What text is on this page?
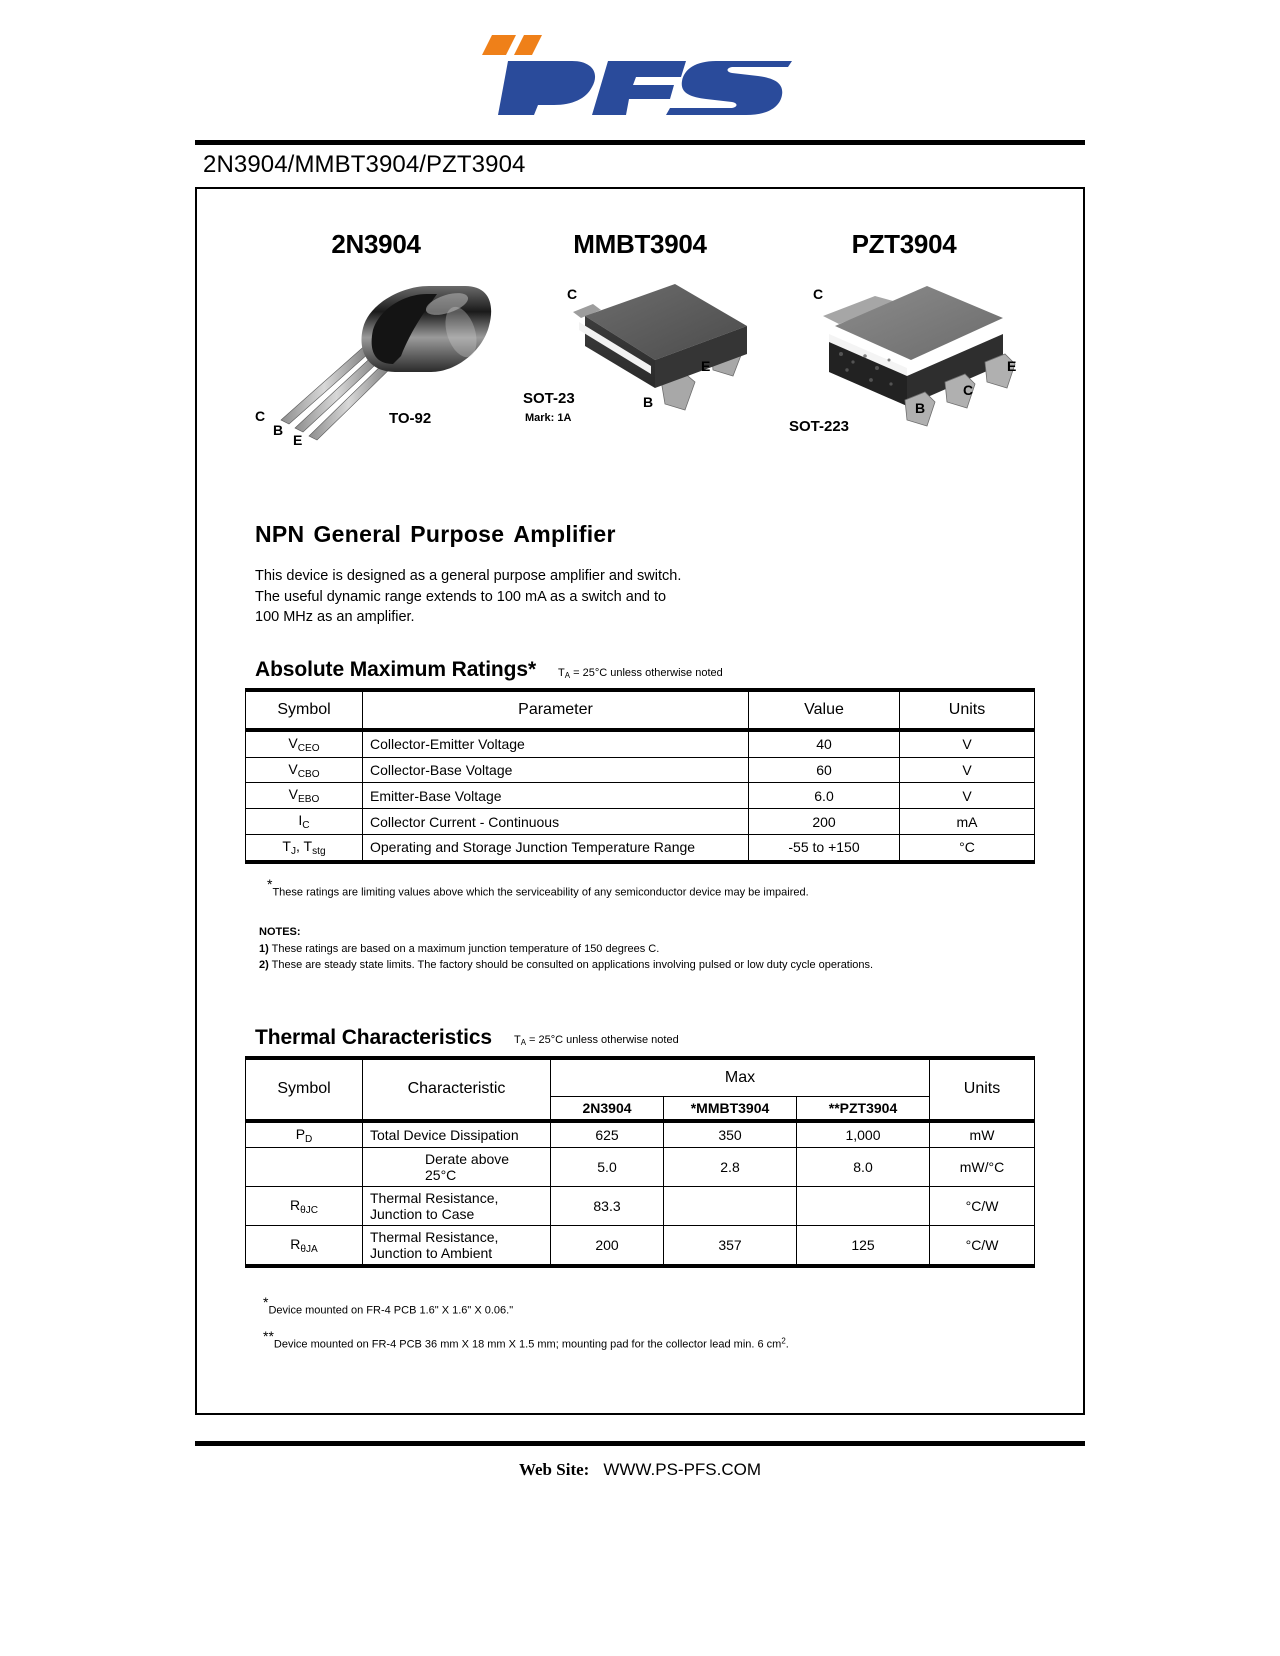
2N3904/MMBT3904/PZT3904
2N3904
C
B
E
TO-92
MMBT3904
C
E
B
SOT-23
Mark: 1A
PZT3904
C
E
C
B
SOT-223
NPN General Purpose Amplifier
This device is designed as a general purpose amplifier and switch.
The useful dynamic range extends to 100 mA as a switch and to
100 MHz as an amplifier.
Absolute Maximum Ratings* $T_A = 25^\circ C$ unless otherwise noted
Symbol	Parameter	Value	Units
$V_{CEO}$	Collector-Emitter Voltage	40	V
$V_{CBO}$	Collector-Base Voltage	60	V
$V_{EBO}$	Emitter-Base Voltage	6.0	V
$I_C$	Collector Current - Continuous	200	mA
$T_J$, $T_{stg}$	Operating and Storage Junction Temperature Range	-55 to +150	°C
*These ratings are limiting values above which the serviceability of any semiconductor device may be impaired.
NOTES:
1) These ratings are based on a maximum junction temperature of 150 degrees C.
2) These are steady state limits. The factory should be consulted on applications involving pulsed or low duty cycle operations.
Thermal Characteristics $T_A = 25^\circ C$ unless otherwise noted
Symbol	Characteristic	Max			Units
		2N3904	*MMBT3904	**PZT3904	
$P_D$	Total Device Dissipation	625	350	1,000	mW
	Derate above 25°C	5.0	2.8	8.0	mW/°C
$R_{\theta JC}$	Thermal Resistance, Junction to Case	83.3			°C/W
$R_{\theta JA}$	Thermal Resistance, Junction to Ambient	200	357	125	°C/W
*Device mounted on FR-4 PCB 1.6" X 1.6" X 0.06."
**Device mounted on FR-4 PCB 36 mm X 18 mm X 1.5 mm; mounting pad for the collector lead min. 6 $cm^2$.
Web Site: WWW.PS-PFS.COM
